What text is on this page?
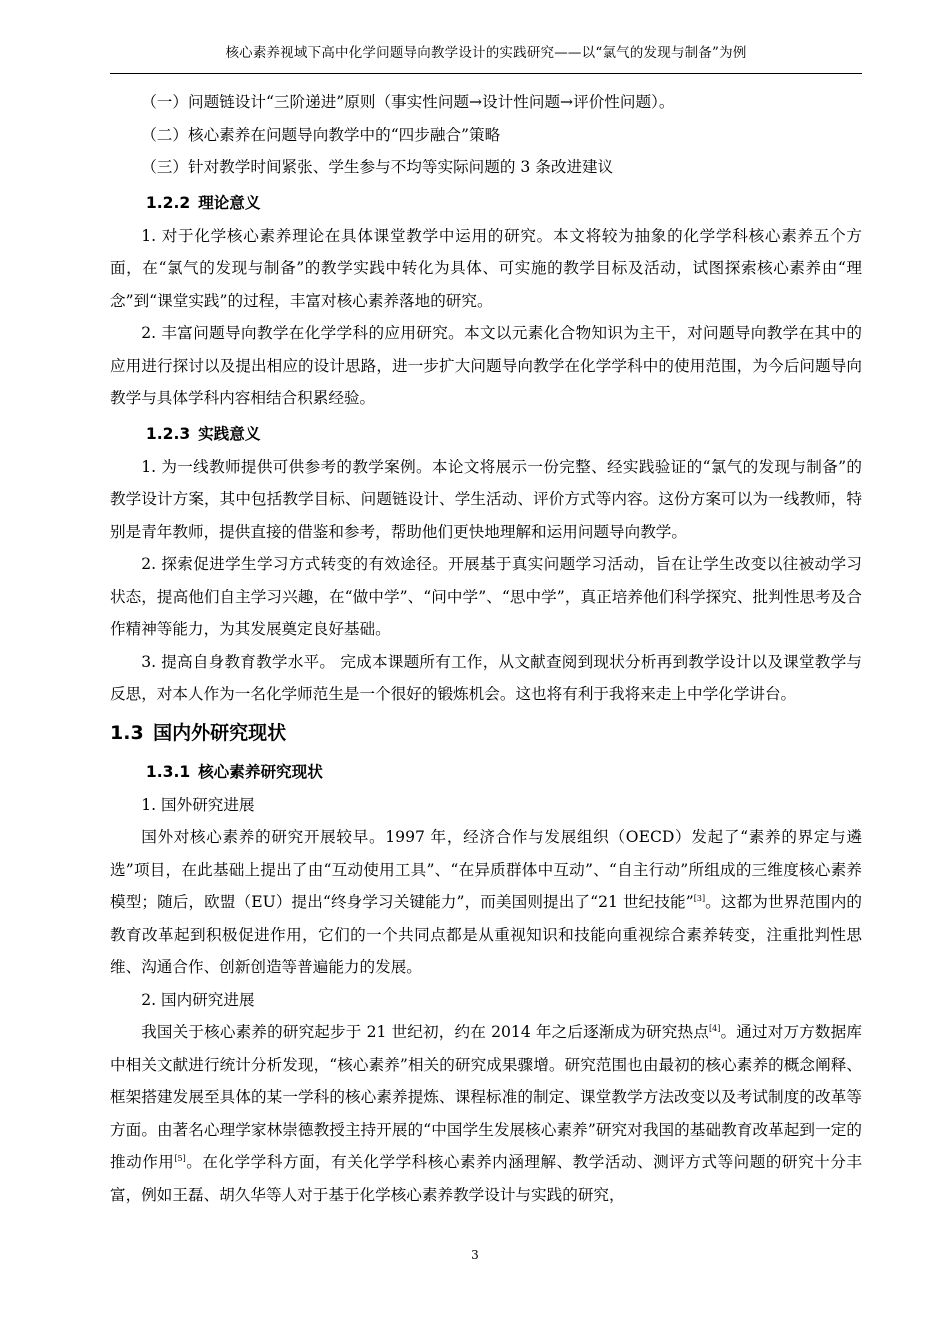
核心素养视域下高中化学问题导向教学设计的实践研究——以“氯气的发现与制备”为例

（一）问题链设计“三阶递进”原则（事实性问题→设计性问题→评价性问题）。

（二）核心素养在问题导向教学中的“四步融合”策略

（三）针对教学时间紧张、学生参与不均等实际问题的 3 条改进建议

1.2.2 理论意义

1. 对于化学核心素养理论在具体课堂教学中运用的研究。本文将较为抽象的化学学科核心素养五个方面，在“氯气的发现与制备”的教学实践中转化为具体、可实施的教学目标及活动，试图探索核心素养由“理念”到“课堂实践”的过程，丰富对核心素养落地的研究。

2. 丰富问题导向教学在化学学科的应用研究。本文以元素化合物知识为主干，对问题导向教学在其中的应用进行探讨以及提出相应的设计思路，进一步扩大问题导向教学在化学学科中的使用范围，为今后问题导向教学与具体学科内容相结合积累经验。

1.2.3 实践意义

1. 为一线教师提供可供参考的教学案例。本论文将展示一份完整、经实践验证的“氯气的发现与制备”的教学设计方案，其中包括教学目标、问题链设计、学生活动、评价方式等内容。这份方案可以为一线教师，特别是青年教师，提供直接的借鉴和参考，帮助他们更快地理解和运用问题导向教学。

2. 探索促进学生学习方式转变的有效途径。开展基于真实问题学习活动，旨在让学生改变以往被动学习状态，提高他们自主学习兴趣，在“做中学”、“问中学”、“思中学”，真正培养他们科学探究、批判性思考及合作精神等能力，为其发展奠定良好基础。

3. 提高自身教育教学水平。 完成本课题所有工作，从文献查阅到现状分析再到教学设计以及课堂教学与反思，对本人作为一名化学师范生是一个很好的锻炼机会。这也将有利于我将来走上中学化学讲台。

1.3 国内外研究现状
1.3.1 核心素养研究现状

1. 国外研究进展

国外对核心素养的研究开展较早。1997 年，经济合作与发展组织（OECD）发起了“素养的界定与遴选”项目，在此基础上提出了由“互动使用工具”、“在异质群体中互动”、“自主行动”所组成的三维度核心素养模型；随后，欧盟（EU）提出“终身学习关键能力”，而美国则提出了“21 世纪技能”[3]。这都为世界范围内的教育改革起到积极促进作用，它们的一个共同点都是从重视知识和技能向重视综合素养转变，注重批判性思维、沟通合作、创新创造等普遍能力的发展。

2. 国内研究进展

我国关于核心素养的研究起步于 21 世纪初，约在 2014 年之后逐渐成为研究热点[4]。通过对万方数据库中相关文献进行统计分析发现，“核心素养”相关的研究成果骤增。研究范围也由最初的核心素养的概念阐释、框架搭建发展至具体的某一学科的核心素养提炼、课程标准的制定、课堂教学方法改变以及考试制度的改革等方面。由著名心理学家林崇德教授主持开展的“中国学生发展核心素养”研究对我国的基础教育改革起到一定的推动作用[5]。在化学学科方面，有关化学学科核心素养内涵理解、教学活动、测评方式等问题的研究十分丰富，例如王磊、胡久华等人对于基于化学核心素养教学设计与实践的研究，

3
